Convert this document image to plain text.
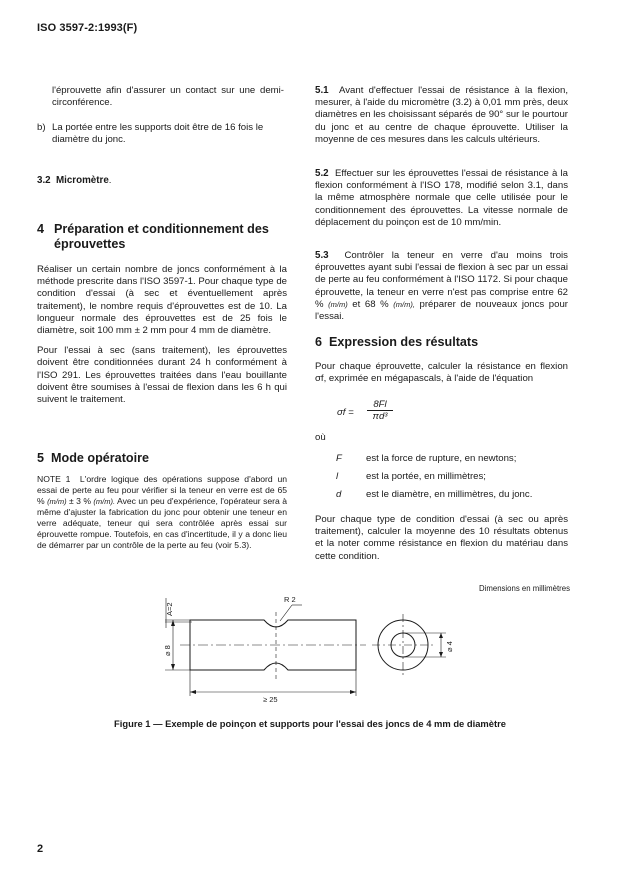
ISO 3597-2:1993(F)

l'éprouvette afin d'assurer un contact sur une demi-circonférence.

b) La portée entre les supports doit être de 16 fois le diamètre du jonc.

3.2 Micromètre.
4 Préparation et conditionnement des éprouvettes

Réaliser un certain nombre de joncs conformément à la méthode prescrite dans l'ISO 3597-1. Pour chaque type de condition d'essai (à sec et éventuellement après traitement), le nombre requis d'éprouvettes est de 10. La longueur normale des éprouvettes est de 25 fois le diamètre, soit 100 mm ± 2 mm pour 4 mm de diamètre.

Pour l'essai à sec (sans traitement), les éprouvettes doivent être conditionnées durant 24 h conformément à l'ISO 291. Les éprouvettes traitées dans l'eau bouillante doivent être soumises à l'essai de flexion dans les 6 h qui suivent le traitement.

5 Mode opératoire
NOTE 1 L'ordre logique des opérations suppose d'abord un essai de perte au feu pour vérifier si la teneur en verre est de 65 % (m/m) ± 3 % (m/m). Avec un peu d'expérience, l'opérateur sera à même d'ajuster la fabrication du jonc pour obtenir une teneur en verre adéquate, teneur qui sera contrôlée après essai sur éprouvette rompue. Toutefois, en cas d'incertitude, il y a donc lieu de démarrer par un contrôle de la perte au feu (voir 5.3).
5.1 Avant d'effectuer l'essai de résistance à la flexion, mesurer, à l'aide du micromètre (3.2) à 0,01 mm près, deux diamètres en les choisissant séparés de 90° sur le pourtour du jonc et au centre de chaque éprouvette. Utiliser la moyenne de ces mesures dans les calculs ultérieurs.
5.2 Effectuer sur les éprouvettes l'essai de résistance à la flexion conformément à l'ISO 178, modifié selon 3.1, dans la même atmosphère normale que celle utilisée pour le conditionnement des éprouvettes. La vitesse normale de déplacement du poinçon est de 10 mm/min.
5.3 Contrôler la teneur en verre d'au moins trois éprouvettes ayant subi l'essai de flexion à sec par un essai de perte au feu conformément à l'ISO 1172. Si pour chaque éprouvette, la teneur en verre n'est pas comprise entre 62 % (m/m) et 68 % (m/m), préparer de nouveaux joncs pour l'essai.
6 Expression des résultats
Pour chaque éprouvette, calculer la résistance en flexion σf, exprimée en mégapascals, à l'aide de l'équation
$\sigma f = \frac{8Fl}{\text{πd³}}$
où
F	est la force de rupture, en newtons;
l	est la portée, en millimètres;
d	est le diamètre, en millimètres, du jonc.
Pour chaque type de condition d'essai (à sec ou après traitement), calculer la moyenne des 10 résultats obtenus et la noter comme résistance en flexion du matériau dans cette condition.
Dimensions en millimètres
A=2
⌀ 8
R 2
≥ 25
⌀ 4
Figure 1 — Exemple de poinçon et supports pour l'essai des joncs de 4 mm de diamètre
2
